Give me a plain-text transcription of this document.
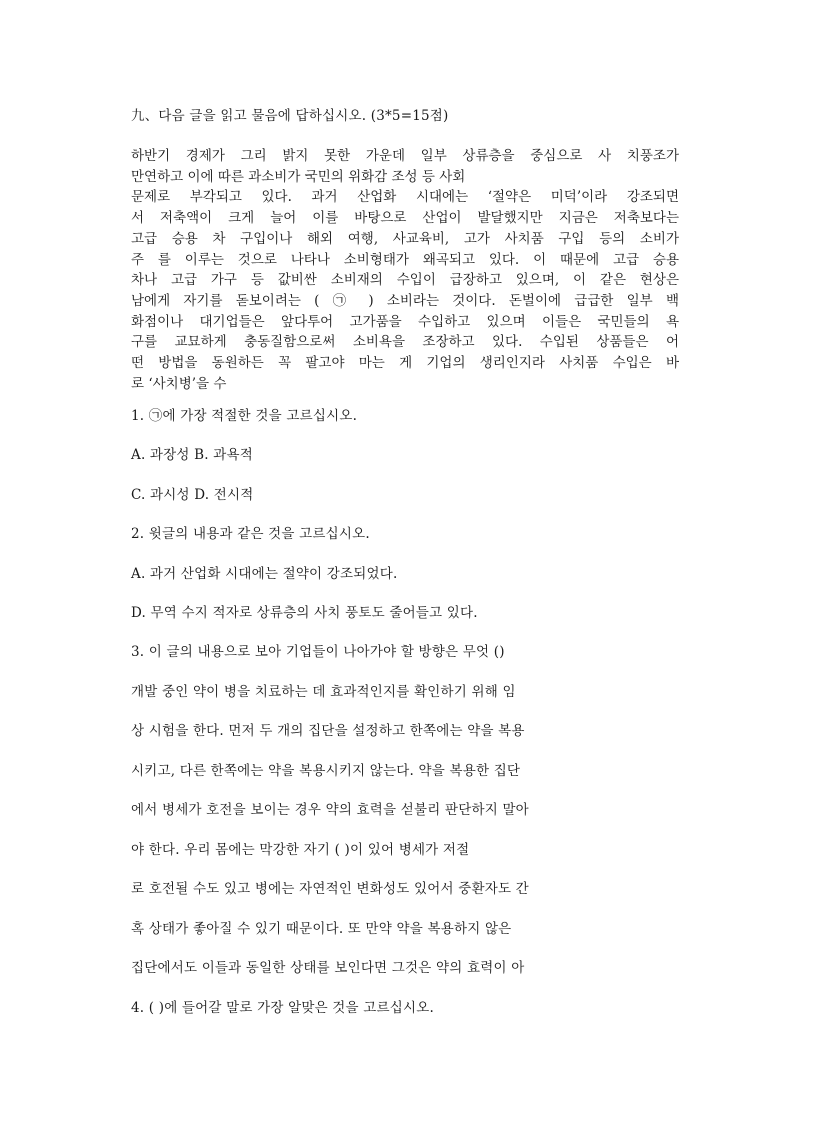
九、다음 글을 읽고 물음에 답하십시오. (3*5=15점)
하반기 경제가 그리 밝지 못한 가운데 일부 상류층을 중심으로 사 치풍조가
만연하고 이에 따른 과소비가 국민의 위화감 조성 등 사회
문제로 부각되고 있다. 과거 산업화 시대에는 ‘절약은 미덕’이라 강조되면
서 저축액이 크게 늘어 이를 바탕으로 산업이 발달했지만 지금은 저축보다는
고급 승용 차 구입이나 해외 여행, 사교육비, 고가 사치품 구입 등의 소비가
주 를 이루는 것으로 나타나 소비형태가 왜곡되고 있다. 이 때문에 고급 승용
차나 고급 가구 등 값비싼 소비재의 수입이 급장하고 있으며, 이 같은 현상은
남에게 자기를 돋보이려는 ( ㉠ ) 소비라는 것이다. 돈벌이에 급급한 일부 백
화점이나 대기업들은 앞다투어 고가품을 수입하고 있으며 이들은 국민들의 욕
구를 교묘하게 충동질함으로써 소비욕을 조장하고 있다. 수입된 상품들은 어
떤 방법을 동원하든 꼭 팔고야 마는 게 기업의 생리인지라 사치품 수입은 바
로 ‘사치병’을 수
1. ㉠에 가장 적절한 것을 고르십시오.
A. 과장성 B. 과욕적
C. 과시성 D. 전시적
2. 윗글의 내용과 같은 것을 고르십시오.
A. 과거 산업화 시대에는 절약이 강조되었다.
D. 무역 수지 적자로 상류층의 사치 풍토도 줄어들고 있다.
3. 이 글의 내용으로 보아 기업들이 나아가야 할 방향은 무엇 ()
개발 중인 약이 병을 치료하는 데 효과적인지를 확인하기 위해 임
상 시험을 한다. 먼저 두 개의 집단을 설정하고 한쪽에는 약을 복용
시키고, 다른 한쪽에는 약을 복용시키지 않는다. 약을 복용한 집단
에서 병세가 호전을 보이는 경우 약의 효력을 섣불리 판단하지 말아
야 한다. 우리 몸에는 막강한 자기 ( )이 있어 병세가 저절
로 호전될 수도 있고 병에는 자연적인 변화성도 있어서 중환자도 간
혹 상태가 좋아질 수 있기 때문이다. 또 만약 약을 복용하지 않은
집단에서도 이들과 동일한 상태를 보인다면 그것은 약의 효력이 아
4. ( )에 들어갈 말로 가장 알맞은 것을 고르십시오.
